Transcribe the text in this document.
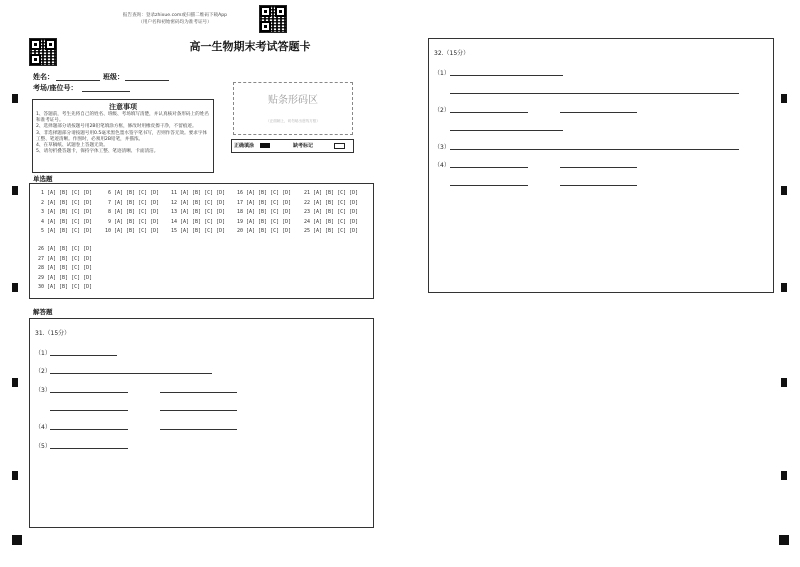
报告查询：登录zhixue.com或扫描二维码下载App
（用户名和初始密码均为准考证号）
高一生物期末考试答题卡
姓名：	班级：
考场/座位号：
注意事项
1、答题前，考生先将自己的姓名、班级、考场填写清楚，并认真核对条形码上的姓名和准考证号。
2、选择题部分请按题号用2B铅笔填涂方框，修改时用橡皮擦干净，不留痕迹。
3、非选择题部分请按题号用0.5毫米黑色墨水签字笔书写，否则作答无效。要求字体工整、笔迹清晰。作图时，必须用2B铅笔，并描浓。
4、在草稿纸、试题卷上答题无效。
5、请勿折叠答题卡，保持字体工整、笔迹清晰、卡面清洁。
贴条形码区
（正面朝上，切勿贴出虚线方框）
正确填涂	缺考标记
单选题
1 [A] [B] [C] [D]
2 [A] [B] [C] [D]
3 [A] [B] [C] [D]
4 [A] [B] [C] [D]
5 [A] [B] [C] [D]
6 [A] [B] [C] [D]
7 [A] [B] [C] [D]
8 [A] [B] [C] [D]
9 [A] [B] [C] [D]
10 [A] [B] [C] [D]
11 [A] [B] [C] [D]
12 [A] [B] [C] [D]
13 [A] [B] [C] [D]
14 [A] [B] [C] [D]
15 [A] [B] [C] [D]
16 [A] [B] [C] [D]
17 [A] [B] [C] [D]
18 [A] [B] [C] [D]
19 [A] [B] [C] [D]
20 [A] [B] [C] [D]
21 [A] [B] [C] [D]
22 [A] [B] [C] [D]
23 [A] [B] [C] [D]
24 [A] [B] [C] [D]
25 [A] [B] [C] [D]
26 [A] [B] [C] [D]
27 [A] [B] [C] [D]
28 [A] [B] [C] [D]
29 [A] [B] [C] [D]
30 [A] [B] [C] [D]
解答题
31.（15分）
（1）
（2）
（3）
（4）
（5）
32.（15分）
（1）
（2）
（3）
（4）
